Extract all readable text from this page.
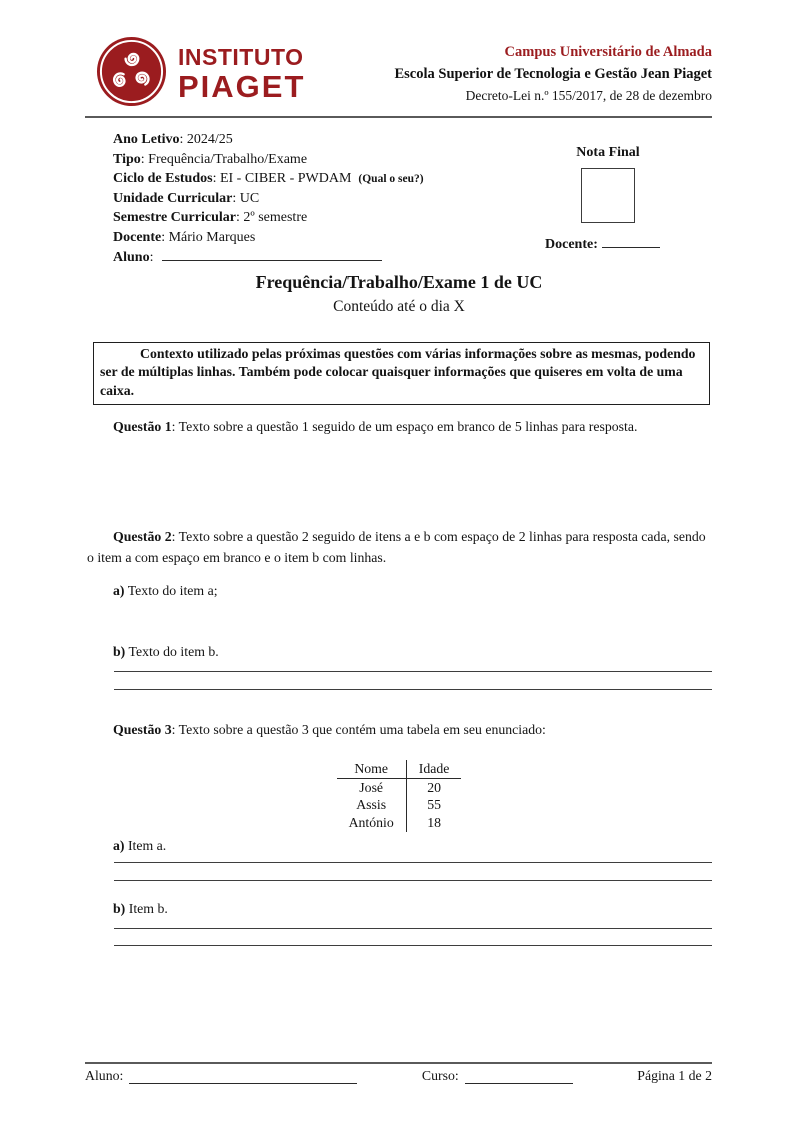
INSTITUTO
PIAGET
Campus Universitário de Almada
Escola Superior de Tecnologia e Gestão Jean Piaget
Decreto-Lei n.º 155/2017, de 28 de dezembro
Ano Letivo: 2024/25
Tipo: Frequência/Trabalho/Exame
Ciclo de Estudos: EI - CIBER - PWDAM (Qual o seu?)
Unidade Curricular: UC
Semestre Curricular: 2º semestre
Docente: Mário Marques
Aluno:
Nota Final
Docente:
Frequência/Trabalho/Exame 1 de UC
Conteúdo até o dia X
Contexto utilizado pelas próximas questões com várias informações sobre as mesmas, podendo ser de múltiplas linhas. Também pode colocar quaisquer informações que quiseres em volta de uma caixa.
Questão 1: Texto sobre a questão 1 seguido de um espaço em branco de 5 linhas para resposta.
Questão 2: Texto sobre a questão 2 seguido de itens a e b com espaço de 2 linhas para resposta cada, sendo o item a com espaço em branco e o item b com linhas.
a) Texto do item a;
b) Texto do item b.
Questão 3: Texto sobre a questão 3 que contém uma tabela em seu enunciado:
Nome	Idade
José	20
Assis	55
António	18
a) Item a.
b) Item b.
Aluno:	Curso:	Página 1 de 2
